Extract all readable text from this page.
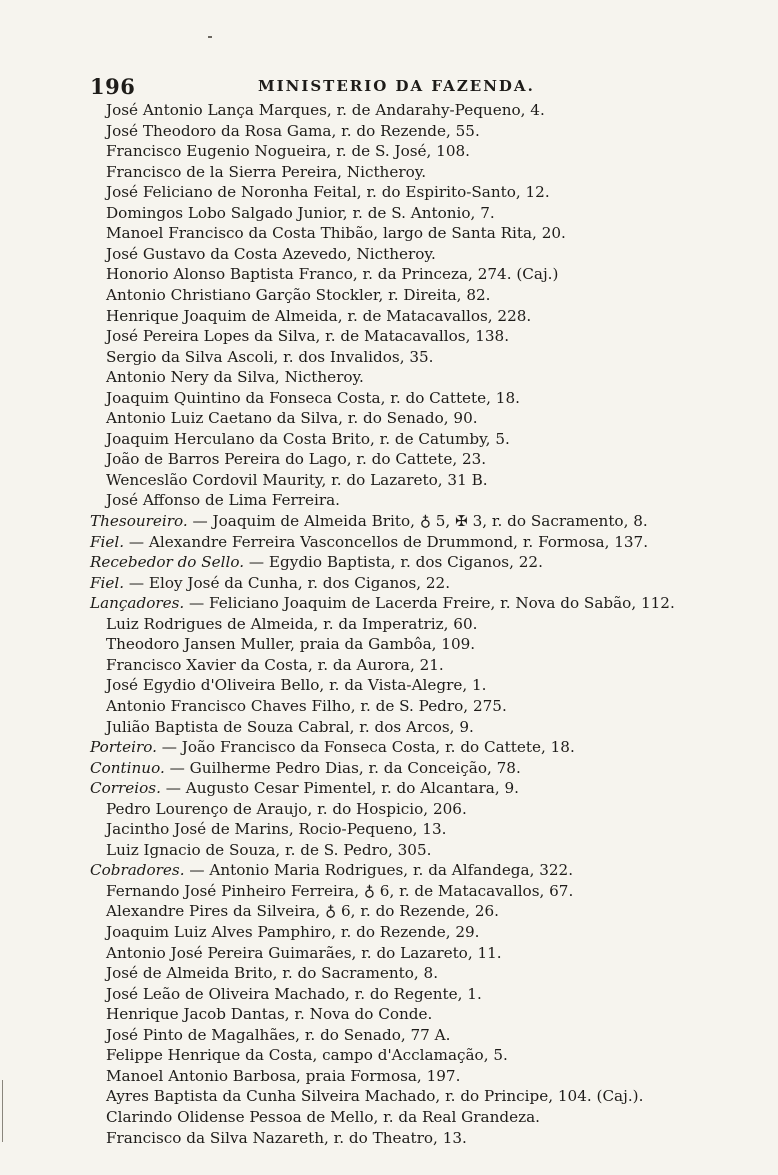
196	MINISTERIO DA FAZENDA.
José Antonio Lança Marques, r. de Andarahy-Pequeno, 4.
José Theodoro da Rosa Gama, r. do Rezende, 55.
Francisco Eugenio Nogueira, r. de S. José, 108.
Francisco de la Sierra Pereira, Nictheroy.
José Feliciano de Noronha Feital, r. do Espirito-Santo, 12.
Domingos Lobo Salgado Junior, r. de S. Antonio, 7.
Manoel Francisco da Costa Thibão, largo de Santa Rita, 20.
José Gustavo da Costa Azevedo, Nictheroy.
Honorio Alonso Baptista Franco, r. da Princeza, 274. (Caj.)
Antonio Christiano Garção Stockler, r. Direita, 82.
Henrique Joaquim de Almeida, r. de Matacavallos, 228.
José Pereira Lopes da Silva, r. de Matacavallos, 138.
Sergio da Silva Ascoli, r. dos Invalidos, 35.
Antonio Nery da Silva, Nictheroy.
Joaquim Quintino da Fonseca Costa, r. do Cattete, 18.
Antonio Luiz Caetano da Silva, r. do Senado, 90.
Joaquim Herculano da Costa Brito, r. de Catumby, 5.
João de Barros Pereira do Lago, r. do Cattete, 23.
Wenceslão Cordovil Maurity, r. do Lazareto, 31 B.
José Affonso de Lima Ferreira.
Thesoureiro. — Joaquim de Almeida Brito, ♁ 5, ✠ 3, r. do Sacramento, 8.
Fiel. — Alexandre Ferreira Vasconcellos de Drummond, r. Formosa, 137.
Recebedor do Sello. — Egydio Baptista, r. dos Ciganos, 22.
Fiel. — Eloy José da Cunha, r. dos Ciganos, 22.
Lançadores. — Feliciano Joaquim de Lacerda Freire, r. Nova do Sabão, 112.
Luiz Rodrigues de Almeida, r. da Imperatriz, 60.
Theodoro Jansen Muller, praia da Gambôa, 109.
Francisco Xavier da Costa, r. da Aurora, 21.
José Egydio d'Oliveira Bello, r. da Vista-Alegre, 1.
Antonio Francisco Chaves Filho, r. de S. Pedro, 275.
Julião Baptista de Souza Cabral, r. dos Arcos, 9.
Porteiro. — João Francisco da Fonseca Costa, r. do Cattete, 18.
Continuo. — Guilherme Pedro Dias, r. da Conceição, 78.
Correios. — Augusto Cesar Pimentel, r. do Alcantara, 9.
Pedro Lourenço de Araujo, r. do Hospicio, 206.
Jacintho José de Marins, Rocio-Pequeno, 13.
Luiz Ignacio de Souza, r. de S. Pedro, 305.
Cobradores. — Antonio Maria Rodrigues, r. da Alfandega, 322.
Fernando José Pinheiro Ferreira, ♁ 6, r. de Matacavallos, 67.
Alexandre Pires da Silveira, ♁ 6, r. do Rezende, 26.
Joaquim Luiz Alves Pamphiro, r. do Rezende, 29.
Antonio José Pereira Guimarães, r. do Lazareto, 11.
José de Almeida Brito, r. do Sacramento, 8.
José Leão de Oliveira Machado, r. do Regente, 1.
Henrique Jacob Dantas, r. Nova do Conde.
José Pinto de Magalhães, r. do Senado, 77 A.
Felippe Henrique da Costa, campo d'Acclamação, 5.
Manoel Antonio Barbosa, praia Formosa, 197.
Ayres Baptista da Cunha Silveira Machado, r. do Principe, 104. (Caj.).
Clarindo Olidense Pessoa de Mello, r. da Real Grandeza.
Francisco da Silva Nazareth, r. do Theatro, 13.
